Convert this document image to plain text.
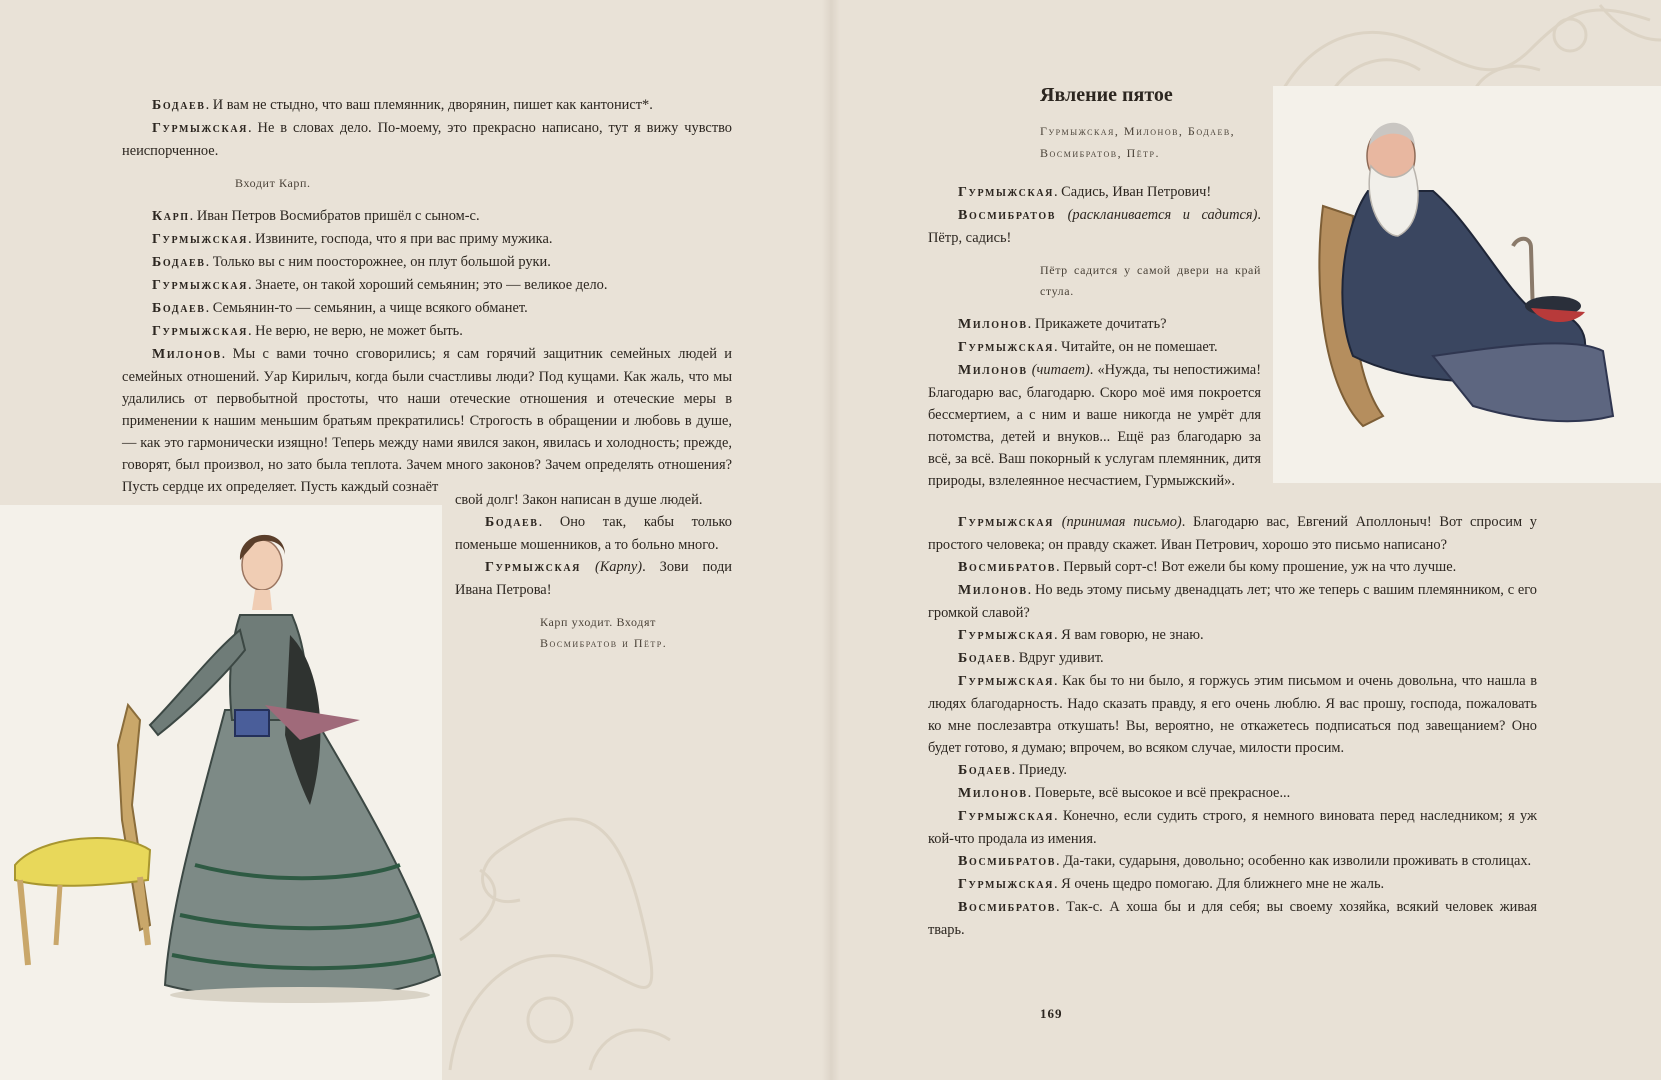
Бодаев. И вам не стыдно, что ваш племянник, дворянин, пишет как кантонист*.

Гурмыжская. Не в словах дело. По-моему, это прекрасно написано, тут я вижу чувство неиспорченное.

Входит Карп.

Карп. Иван Петров Восмибратов пришёл с сыном-с.

Гурмыжская. Извините, господа, что я при вас приму мужика.

Бодаев. Только вы с ним поосторожнее, он плут большой руки.

Гурмыжская. Знаете, он такой хороший семьянин; это — великое дело.

Бодаев. Семьянин-то — семьянин, а чище всякого обманет.

Гурмыжская. Не верю, не верю, не может быть.

Милонов. Мы с вами точно сговорились; я сам горячий защитник семейных людей и семейных отношений. Уар Кирилыч, когда были счастливы люди? Под кущами. Как жаль, что мы удалились от первобытной простоты, что наши отеческие отношения и отеческие меры в применении к нашим меньшим братьям прекратились! Строгость в обращении и любовь в душе, — как это гармонически изящно! Теперь между нами явился закон, явилась и холодность; прежде, говорят, был произвол, но зато была теплота. Зачем много законов? Зачем определять отношения? Пусть сердце их определяет. Пусть каждый сознаёт

свой долг! Закон написан в душе людей.

Бодаев. Оно так, кабы только поменьше мошенников, а то больно много.

Гурмыжская (Карпу). Зови поди Ивана Петрова!

Карп уходит. Входят
Восмибратов и Пётр.

Явление пятое
Гурмыжская, Милонов, Бодаев,
Восмибратов, Пётр.

Гурмыжская. Садись, Иван Петрович!

Восмибратов (раскланивается и садится). Пётр, садись!

Пётр садится у самой двери на край стула.

Милонов. Прикажете дочитать?

Гурмыжская. Читайте, он не помешает.

Милонов (читает). «Нужда, ты непостижима! Благодарю вас, благодарю. Скоро моё имя покроется бессмертием, а с ним и ваше никогда не умрёт для потомства, детей и внуков... Ещё раз благодарю за всё, за всё. Ваш покорный к услугам племянник, дитя природы, взлелеянное несчастием, Гурмыжский».

Гурмыжская (принимая письмо). Благодарю вас, Евгений Аполлоныч! Вот спросим у простого человека; он правду скажет. Иван Петрович, хорошо это письмо написано?

Восмибратов. Первый сорт-с! Вот ежели бы кому прошение, уж на что лучше.

Милонов. Но ведь этому письму двенадцать лет; что же теперь с вашим племянником, с его громкой славой?

Гурмыжская. Я вам говорю, не знаю.

Бодаев. Вдруг удивит.

Гурмыжская. Как бы то ни было, я горжусь этим письмом и очень довольна, что нашла в людях благодарность. Надо сказать правду, я его очень люблю. Я вас прошу, господа, пожаловать ко мне послезавтра откушать! Вы, вероятно, не откажетесь подписаться под завещанием? Оно будет готово, я думаю; впрочем, во всяком случае, милости просим.

Бодаев. Приеду.

Милонов. Поверьте, всё высокое и всё прекрасное...

Гурмыжская. Конечно, если судить строго, я немного виновата перед наследником; я уж кой-что продала из имения.

Восмибратов. Да-таки, сударыня, довольно; особенно как изволили проживать в столицах.

Гурмыжская. Я очень щедро помогаю. Для ближнего мне не жаль.

Восмибратов. Так-с. А хоша бы и для себя; вы своему хозяйка, всякий человек живая тварь.

169
